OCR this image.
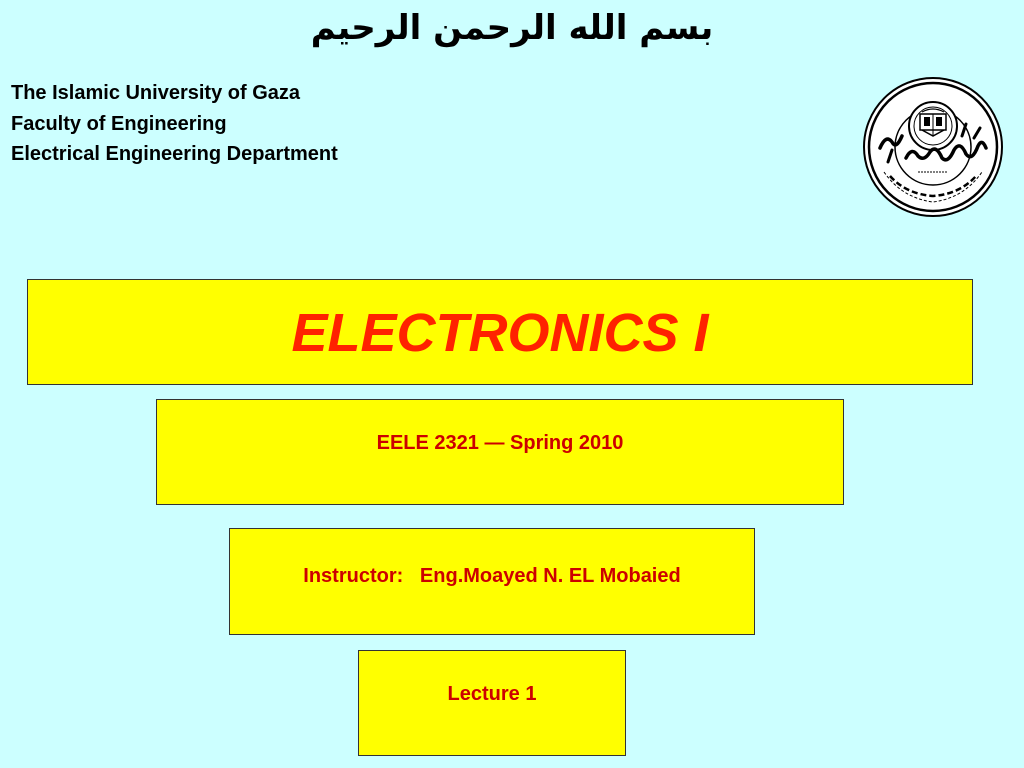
بسم الله الرحمن الرحيم
The Islamic University of Gaza
Faculty of Engineering
Electrical Engineering Department
ELECTRONICS I
EELE 2321 — Spring 2010
Instructor:   Eng.Moayed N. EL Mobaied
Lecture 1
